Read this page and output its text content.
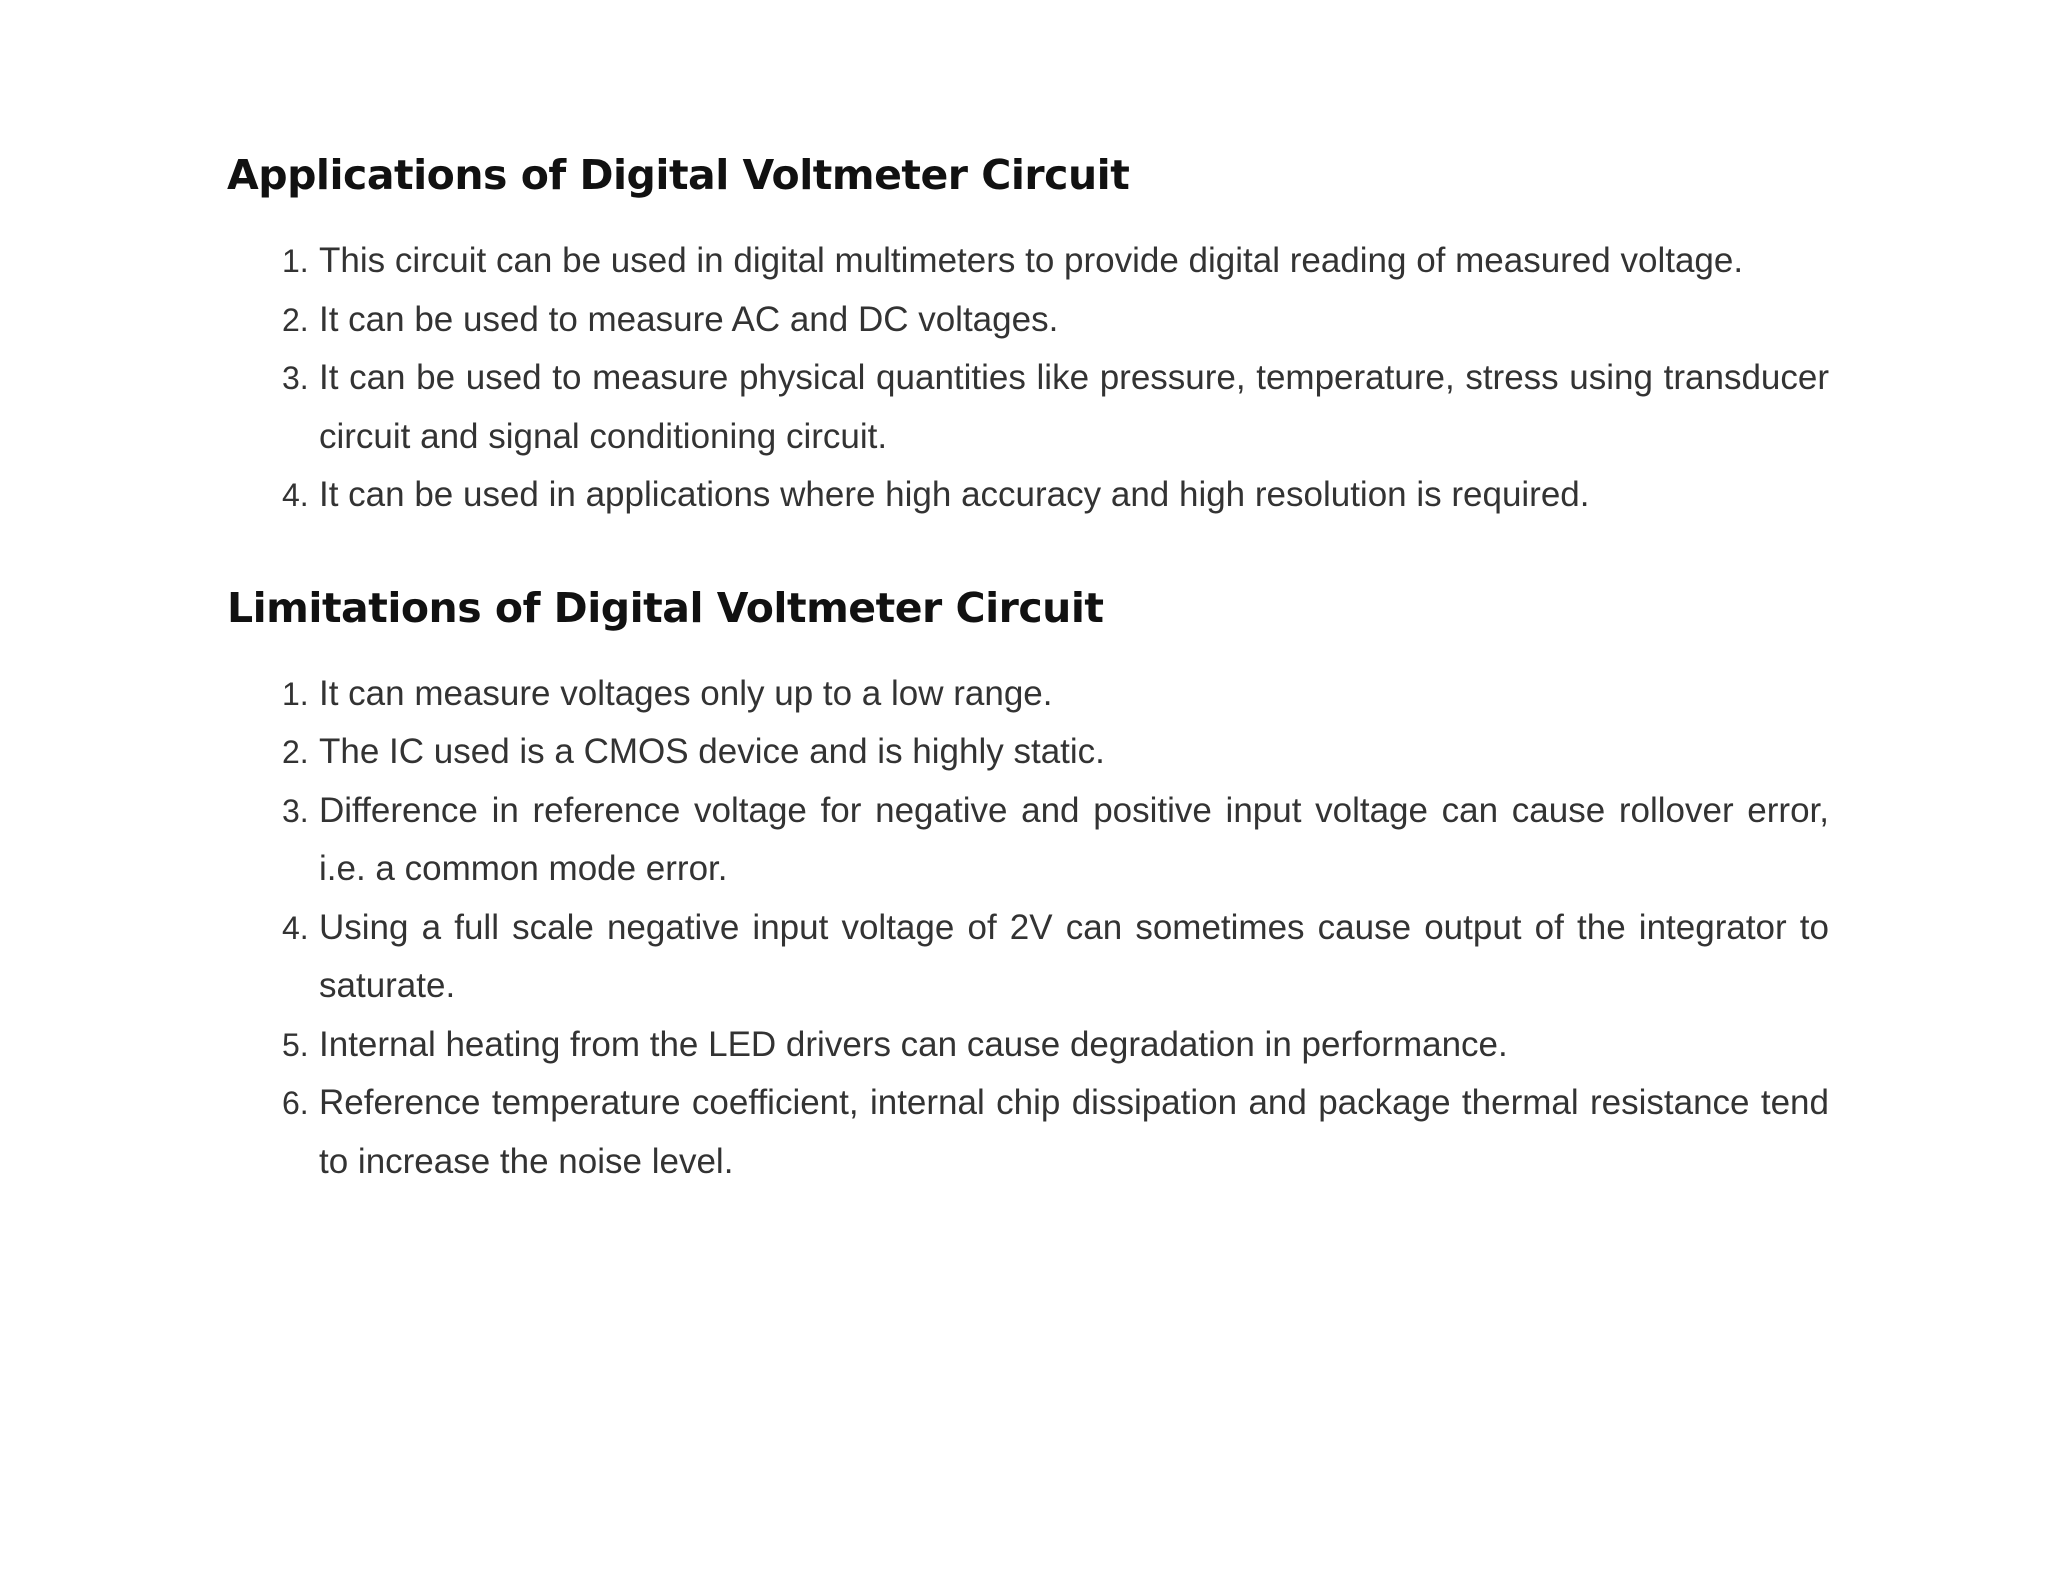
Applications of Digital Voltmeter Circuit
1. This circuit can be used in digital multimeters to provide digital reading of measured voltage.
2. It can be used to measure AC and DC voltages.
3. It can be used to measure physical quantities like pressure, temperature, stress using transducer circuit and signal conditioning circuit.
4. It can be used in applications where high accuracy and high resolution is required.
Limitations of Digital Voltmeter Circuit
1. It can measure voltages only up to a low range.
2. The IC used is a CMOS device and is highly static.
3. Difference in reference voltage for negative and positive input voltage can cause rollover error, i.e. a common mode error.
4. Using a full scale negative input voltage of 2V can sometimes cause output of the integrator to saturate.
5. Internal heating from the LED drivers can cause degradation in performance.
6. Reference temperature coefficient, internal chip dissipation and package thermal resistance tend to increase the noise level.
